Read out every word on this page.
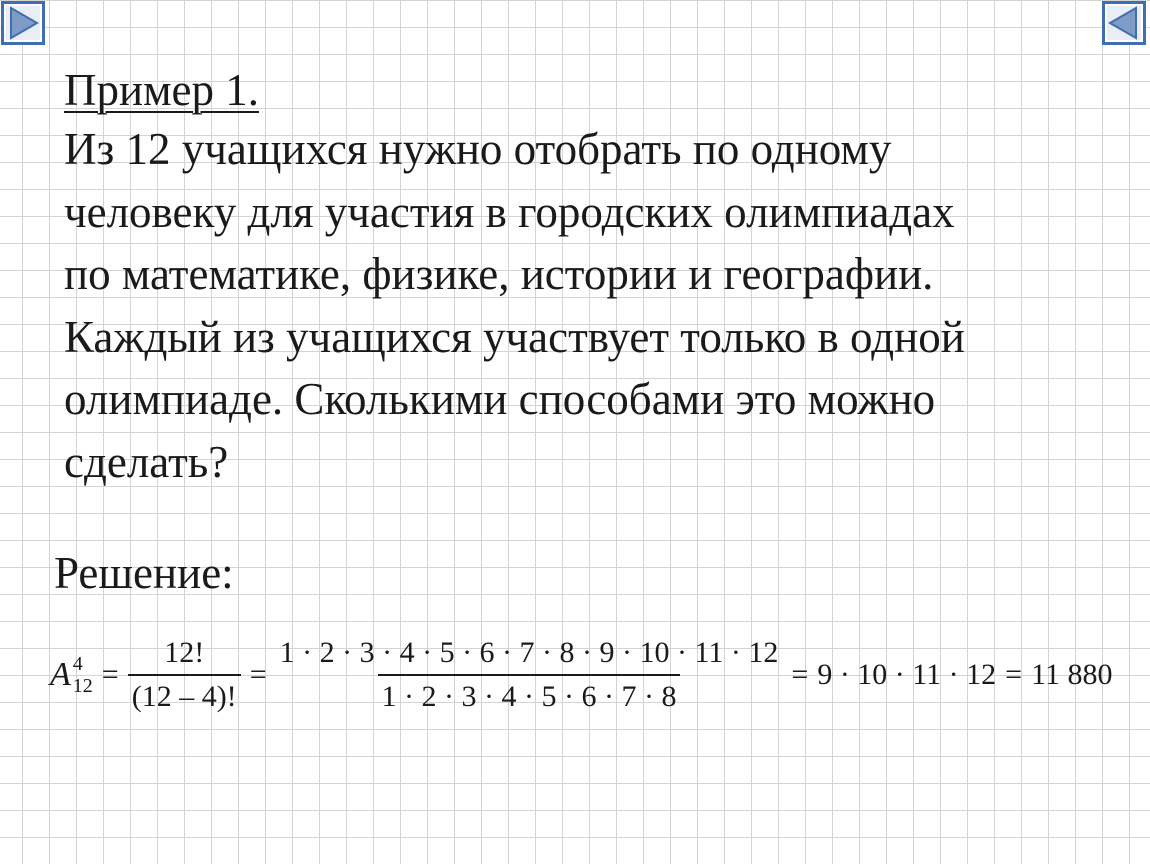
Пример 1.
Из 12 учащихся нужно отобрать по одному
человеку для участия в городских олимпиадах
по математике, физике, истории и географии.
Каждый из учащихся участвует только в одной
олимпиаде. Сколькими способами это можно
сделать?
Решение:
A 4
$12 = \frac{12!}{(12 - 4)!} = \frac{1 \cdot 2 \cdot 3 \cdot 4 \cdot 5 \cdot 6 \cdot 7 \cdot 8 \cdot 9 \cdot 10 \cdot 11 \cdot 12}{1 \cdot 2 \cdot 3 \cdot 4 \cdot 5 \cdot 6 \cdot 7 \cdot 8} = 9 \cdot 10 \cdot 11 \cdot 12 = 11$ 880
